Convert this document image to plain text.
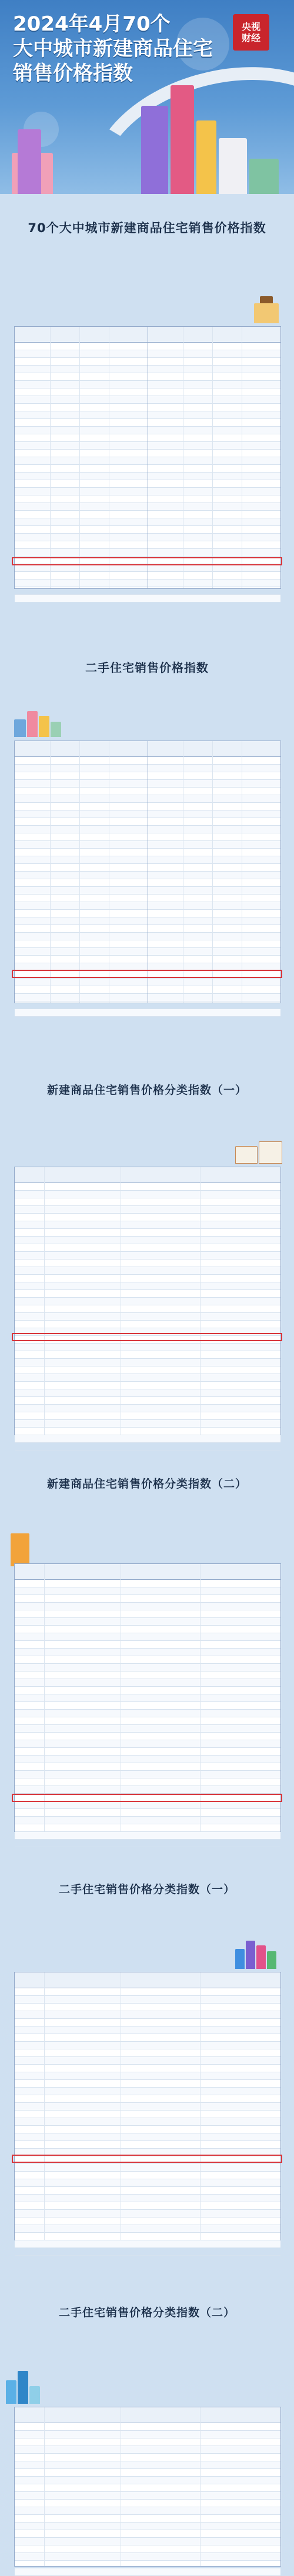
2024年4月70个
大中城市新建商品住宅
销售价格指数
央视
财经
70个大中城市新建商品住宅销售价格指数
二手住宅销售价格指数
新建商品住宅销售价格分类指数（一）
新建商品住宅销售价格分类指数（二）
二手住宅销售价格分类指数（一）
二手住宅销售价格分类指数（二）
